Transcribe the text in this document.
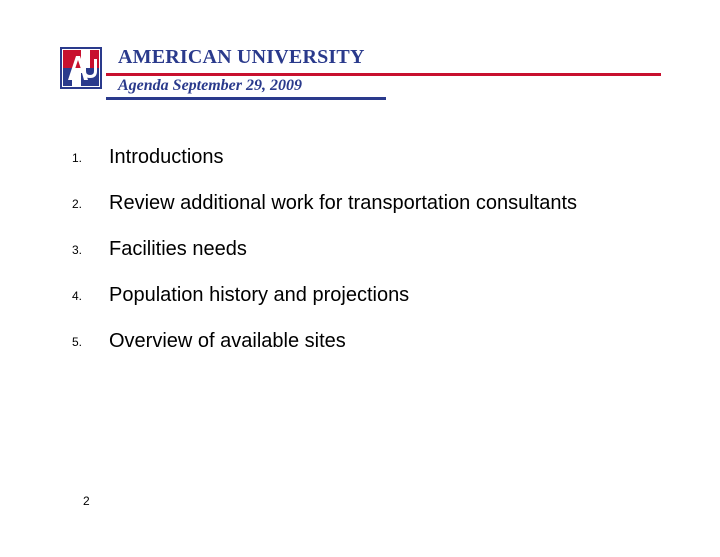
AMERICAN UNIVERSITY
Agenda September 29, 2009
1. Introductions
2. Review additional work for transportation consultants
3. Facilities needs
4. Population history and projections
5. Overview of available sites
2
